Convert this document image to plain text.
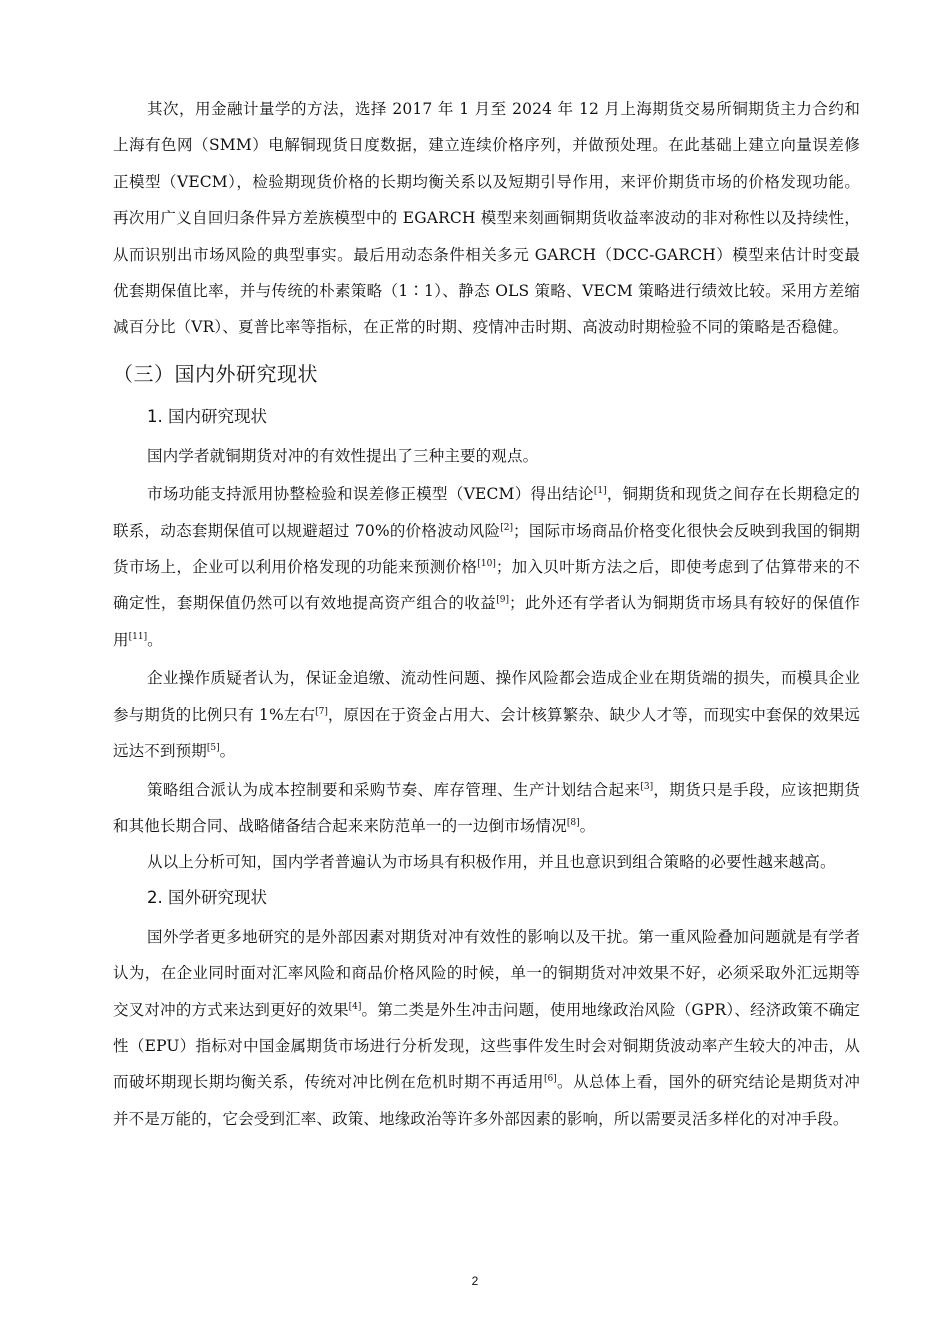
其次，用金融计量学的方法，选择 2017 年 1 月至 2024 年 12 月上海期货交易所铜期货主力合约和上海有色网（SMM）电解铜现货日度数据，建立连续价格序列，并做预处理。在此基础上建立向量误差修正模型（VECM），检验期现货价格的长期均衡关系以及短期引导作用，来评价期货市场的价格发现功能。再次用广义自回归条件异方差族模型中的 EGARCH 模型来刻画铜期货收益率波动的非对称性以及持续性，从而识别出市场风险的典型事实。最后用动态条件相关多元 GARCH（DCC-GARCH）模型来估计时变最优套期保值比率，并与传统的朴素策略（1∶1）、静态 OLS 策略、VECM 策略进行绩效比较。采用方差缩减百分比（VR）、夏普比率等指标，在正常的时期、疫情冲击时期、高波动时期检验不同的策略是否稳健。

（三）国内外研究现状
1. 国内研究现状

国内学者就铜期货对冲的有效性提出了三种主要的观点。

市场功能支持派用协整检验和误差修正模型（VECM）得出结论[1]，铜期货和现货之间存在长期稳定的联系，动态套期保值可以规避超过 70%的价格波动风险[2]；国际市场商品价格变化很快会反映到我国的铜期货市场上，企业可以利用价格发现的功能来预测价格[10]；加入贝叶斯方法之后，即使考虑到了估算带来的不确定性，套期保值仍然可以有效地提高资产组合的收益[9]；此外还有学者认为铜期货市场具有较好的保值作用[11]。

企业操作质疑者认为，保证金追缴、流动性问题、操作风险都会造成企业在期货端的损失，而模具企业参与期货的比例只有 1%左右[7]，原因在于资金占用大、会计核算繁杂、缺少人才等，而现实中套保的效果远远达不到预期[5]。

策略组合派认为成本控制要和采购节奏、库存管理、生产计划结合起来[3]，期货只是手段，应该把期货和其他长期合同、战略储备结合起来来防范单一的一边倒市场情况[8]。

从以上分析可知，国内学者普遍认为市场具有积极作用，并且也意识到组合策略的必要性越来越高。

2. 国外研究现状

国外学者更多地研究的是外部因素对期货对冲有效性的影响以及干扰。第一重风险叠加问题就是有学者认为，在企业同时面对汇率风险和商品价格风险的时候，单一的铜期货对冲效果不好，必须采取外汇远期等交叉对冲的方式来达到更好的效果[4]。第二类是外生冲击问题，使用地缘政治风险（GPR）、经济政策不确定性（EPU）指标对中国金属期货市场进行分析发现，这些事件发生时会对铜期货波动率产生较大的冲击，从而破坏期现长期均衡关系，传统对冲比例在危机时期不再适用[6]。从总体上看，国外的研究结论是期货对冲并不是万能的，它会受到汇率、政策、地缘政治等许多外部因素的影响，所以需要灵活多样化的对冲手段。

2
